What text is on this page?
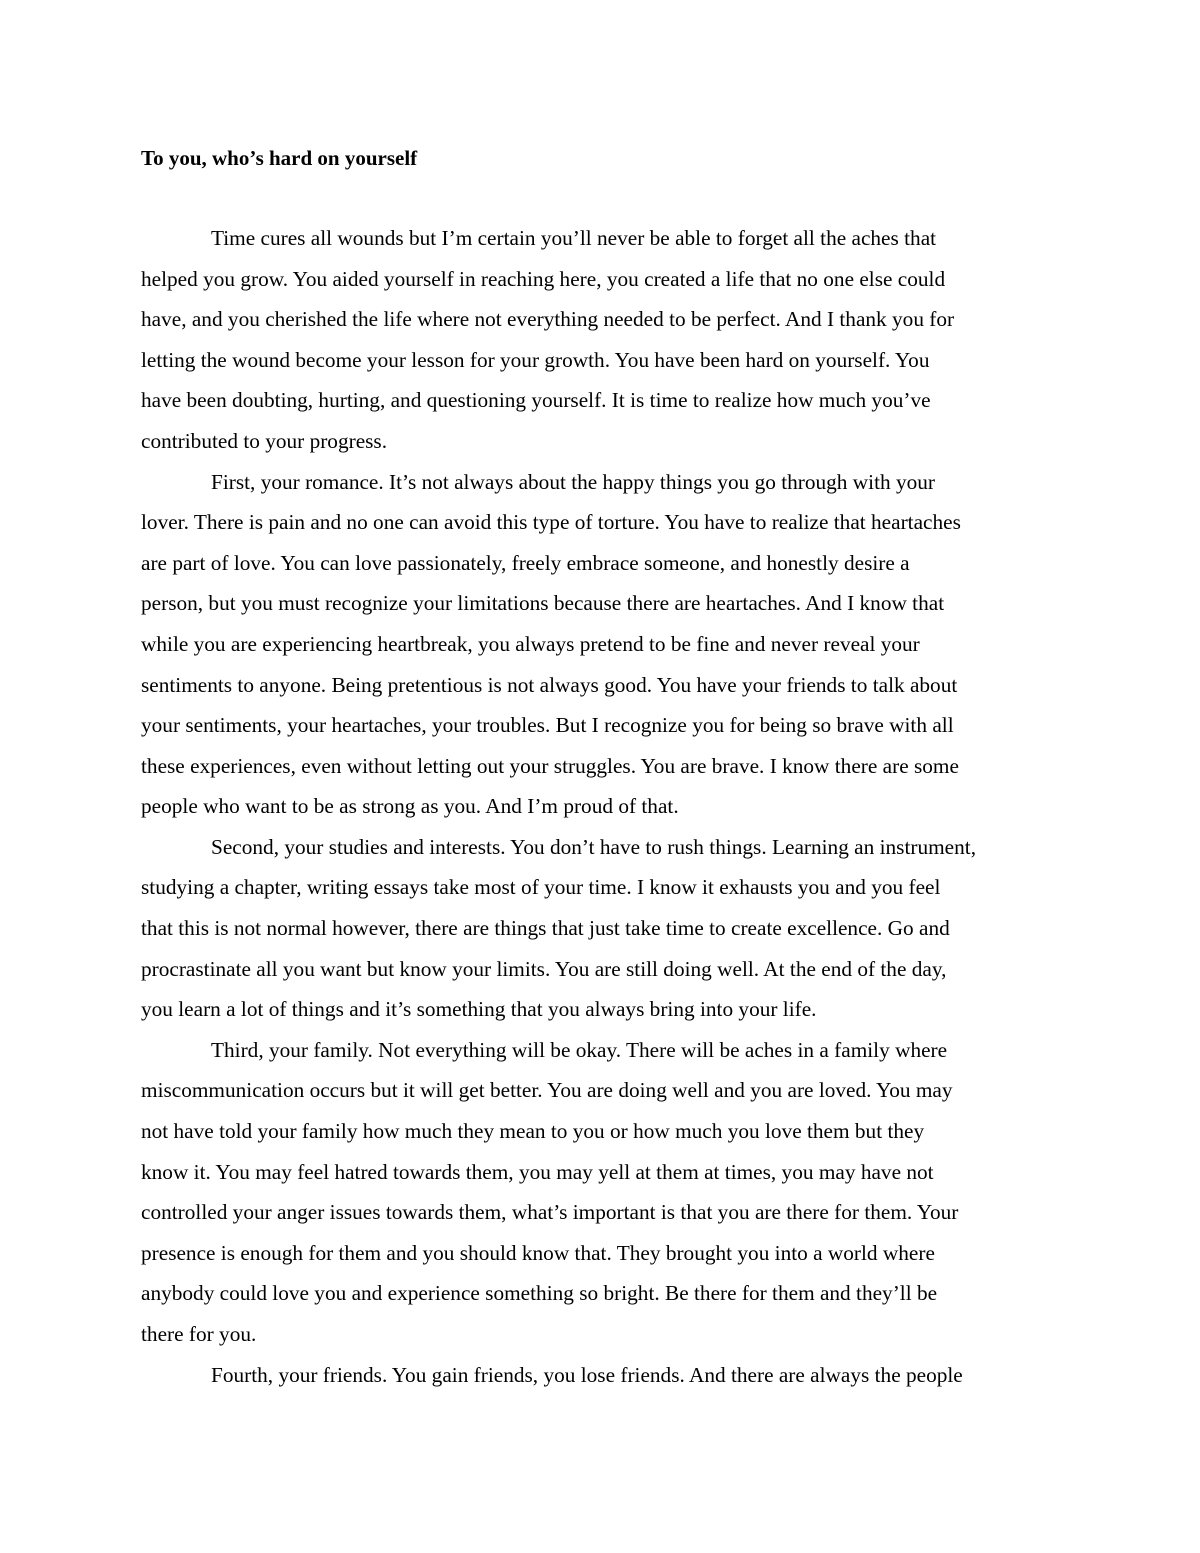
To you, who’s hard on yourself
Time cures all wounds but I’m certain you’ll never be able to forget all the aches that
helped you grow. You aided yourself in reaching here, you created a life that no one else could
have, and you cherished the life where not everything needed to be perfect. And I thank you for
letting the wound become your lesson for your growth. You have been hard on yourself. You
have been doubting, hurting, and questioning yourself. It is time to realize how much you’ve
contributed to your progress.
First, your romance. It’s not always about the happy things you go through with your
lover. There is pain and no one can avoid this type of torture. You have to realize that heartaches
are part of love. You can love passionately, freely embrace someone, and honestly desire a
person, but you must recognize your limitations because there are heartaches. And I know that
while you are experiencing heartbreak, you always pretend to be fine and never reveal your
sentiments to anyone. Being pretentious is not always good. You have your friends to talk about
your sentiments, your heartaches, your troubles. But I recognize you for being so brave with all
these experiences, even without letting out your struggles. You are brave. I know there are some
people who want to be as strong as you. And I’m proud of that.
Second, your studies and interests. You don’t have to rush things. Learning an instrument,
studying a chapter, writing essays take most of your time. I know it exhausts you and you feel
that this is not normal however, there are things that just take time to create excellence. Go and
procrastinate all you want but know your limits. You are still doing well. At the end of the day,
you learn a lot of things and it’s something that you always bring into your life.
Third, your family. Not everything will be okay. There will be aches in a family where
miscommunication occurs but it will get better. You are doing well and you are loved. You may
not have told your family how much they mean to you or how much you love them but they
know it. You may feel hatred towards them, you may yell at them at times, you may have not
controlled your anger issues towards them, what’s important is that you are there for them. Your
presence is enough for them and you should know that. They brought you into a world where
anybody could love you and experience something so bright. Be there for them and they’ll be
there for you.
Fourth, your friends. You gain friends, you lose friends. And there are always the people
